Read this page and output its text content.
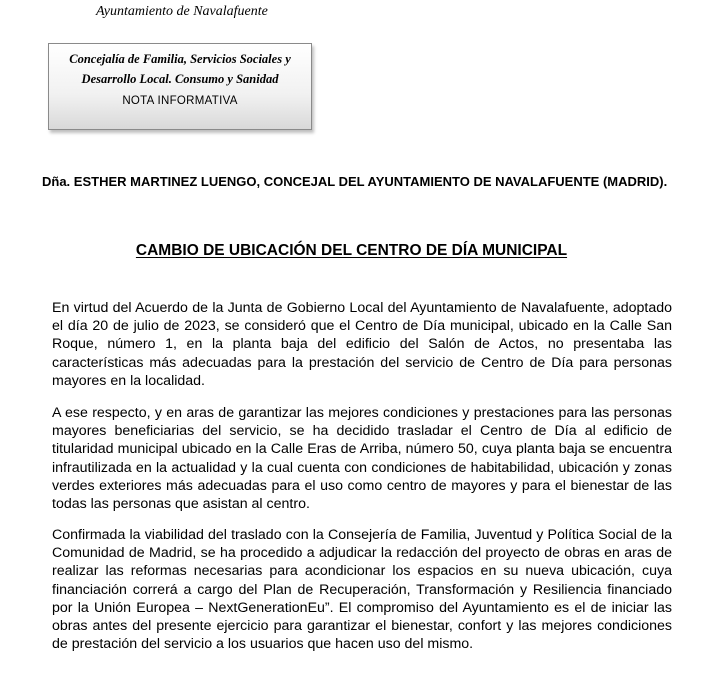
Ayuntamiento de Navalafuente
Concejalía de Familia, Servicios Sociales y
Desarrollo Local. Consumo y Sanidad
NOTA INFORMATIVA
Dña. ESTHER MARTINEZ LUENGO, CONCEJAL DEL AYUNTAMIENTO DE NAVALAFUENTE (MADRID).
CAMBIO DE UBICACIÓN DEL CENTRO DE DÍA MUNICIPAL

En virtud del Acuerdo de la Junta de Gobierno Local del Ayuntamiento de Navalafuente, adoptado el día 20 de julio de 2023, se consideró que el Centro de Día municipal, ubicado en la Calle San Roque, número 1, en la planta baja del edificio del Salón de Actos, no presentaba las características más adecuadas para la prestación del servicio de Centro de Día para personas mayores en la localidad.

A ese respecto, y en aras de garantizar las mejores condiciones y prestaciones para las personas mayores beneficiarias del servicio, se ha decidido trasladar el Centro de Día al edificio de titularidad municipal ubicado en la Calle Eras de Arriba, número 50, cuya planta baja se encuentra infrautilizada en la actualidad y la cual cuenta con condiciones de habitabilidad, ubicación y zonas verdes exteriores más adecuadas para el uso como centro de mayores y para el bienestar de las todas las personas que asistan al centro.

Confirmada la viabilidad del traslado con la Consejería de Familia, Juventud y Política Social de la Comunidad de Madrid, se ha procedido a adjudicar la redacción del proyecto de obras en aras de realizar las reformas necesarias para acondicionar los espacios en su nueva ubicación, cuya financiación correrá a cargo del Plan de Recuperación, Transformación y Resiliencia financiado por la Unión Europea – NextGenerationEu”. El compromiso del Ayuntamiento es el de iniciar las obras antes del presente ejercicio para garantizar el bienestar, confort y las mejores condiciones de prestación del servicio a los usuarios que hacen uso del mismo.
